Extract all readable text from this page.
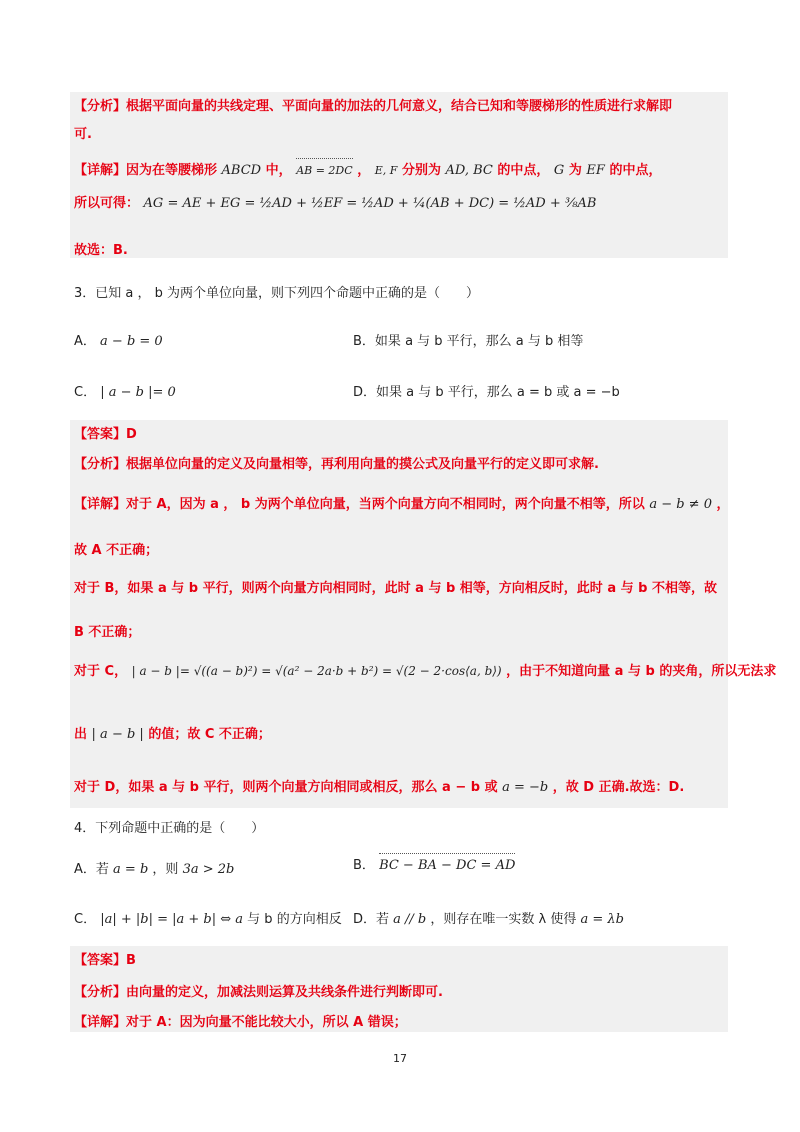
【分析】根据平面向量的共线定理、平面向量的加法的几何意义，结合已知和等腰梯形的性质进行求解即
可.
【详解】因为在等腰梯形 ABCD 中， AB = 2DC ， E, F 分别为 AD, BC 的中点， G 为 EF 的中点，
所以可得： AG = AE + EG = ½AD + ½EF = ½AD + ¼(AB + DC) = ½AD + ⅜AB
故选：B.
3．已知 a ， b 为两个单位向量，则下列四个命题中正确的是（　　）
A． a − b = 0	B．如果 a 与 b 平行，那么 a 与 b 相等
C． | a − b |= 0	D．如果 a 与 b 平行，那么 a = b 或 a = −b
【答案】D
【分析】根据单位向量的定义及向量相等，再利用向量的摸公式及向量平行的定义即可求解.
【详解】对于 A，因为 a ， b 为两个单位向量，当两个向量方向不相同时，两个向量不相等，所以 a − b ≠ 0 ，
故 A 不正确；
对于 B，如果 a 与 b 平行，则两个向量方向相同时，此时 a 与 b 相等，方向相反时，此时 a 与 b 不相等，故
B 不正确；
对于 C， | a − b |= √((a − b)²) = √(a² − 2a·b + b²) = √(2 − 2·cos⟨a, b⟩) ，由于不知道向量 a 与 b 的夹角，所以无法求
出 | a − b | 的值；故 C 不正确；
对于 D，如果 a 与 b 平行，则两个向量方向相同或相反，那么 a − b 或 a = −b ，故 D 正确.故选：D.
4．下列命题中正确的是（　　）
A．若 a = b ，则 3a > 2b	B． BC − BA − DC = AD
C． |a| + |b| = |a + b| ⇔ a 与 b 的方向相反 D．若 a // b ，则存在唯一实数 λ 使得 a = λb
【答案】B
【分析】由向量的定义，加减法则运算及共线条件进行判断即可.
【详解】对于 A：因为向量不能比较大小，所以 A 错误；
17
